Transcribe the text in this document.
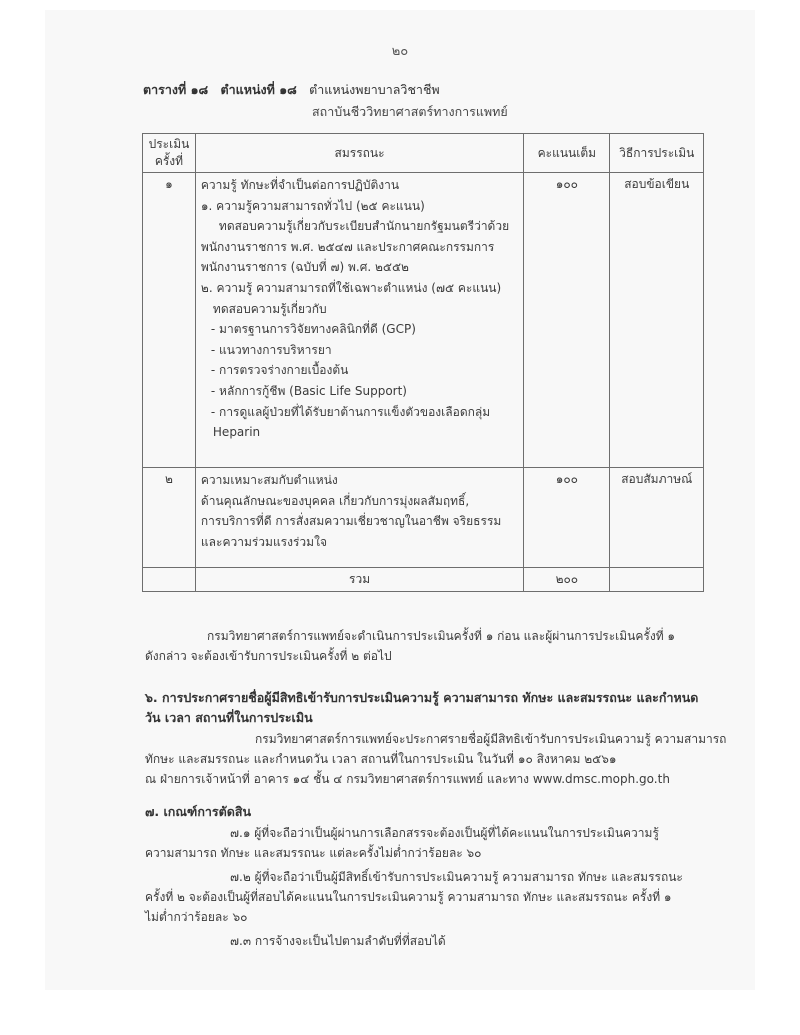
๒๐
ตารางที่ ๑๘ ตำแหน่งที่ ๑๘ ตำแหน่งพยาบาลวิชาชีพ
สถาบันชีววิทยาศาสตร์ทางการแพทย์
ประเมิน
ครั้งที่	สมรรถนะ	คะแนนเต็ม	วิธีการประเมิน
๑	ความรู้ ทักษะที่จำเป็นต่อการปฏิบัติงาน
๑. ความรู้ความสามารถทั่วไป (๒๕ คะแนน)
ทดสอบความรู้เกี่ยวกับระเบียบสำนักนายกรัฐมนตรีว่าด้วย
พนักงานราชการ พ.ศ. ๒๕๔๗ และประกาศคณะกรรมการ
พนักงานราชการ (ฉบับที่ ๗) พ.ศ. ๒๕๕๒
๒. ความรู้ ความสามารถที่ใช้เฉพาะตำแหน่ง (๗๕ คะแนน)
ทดสอบความรู้เกี่ยวกับ
- มาตรฐานการวิจัยทางคลินิกที่ดี (GCP)
- แนวทางการบริหารยา
- การตรวจร่างกายเบื้องต้น
- หลักการกู้ชีพ (Basic Life Support)
- การดูแลผู้ป่วยที่ได้รับยาต้านการแข็งตัวของเลือดกลุ่ม
Heparin
	๑๐๐	สอบข้อเขียน
๒	ความเหมาะสมกับตำแหน่ง
ด้านคุณลักษณะของบุคคล เกี่ยวกับการมุ่งผลสัมฤทธิ์,
การบริการที่ดี การสั่งสมความเชี่ยวชาญในอาชีพ จริยธรรม
และความร่วมแรงร่วมใจ	๑๐๐	สอบสัมภาษณ์
	รวม	๒๐๐	
กรมวิทยาศาสตร์การแพทย์จะดำเนินการประเมินครั้งที่ ๑ ก่อน และผู้ผ่านการประเมินครั้งที่ ๑
ดังกล่าว จะต้องเข้ารับการประเมินครั้งที่ ๒ ต่อไป
๖. การประกาศรายชื่อผู้มีสิทธิเข้ารับการประเมินความรู้ ความสามารถ ทักษะ และสมรรถนะ และกำหนด
วัน เวลา สถานที่ในการประเมิน
กรมวิทยาศาสตร์การแพทย์จะประกาศรายชื่อผู้มีสิทธิเข้ารับการประเมินความรู้ ความสามารถ
ทักษะ และสมรรถนะ และกำหนดวัน เวลา สถานที่ในการประเมิน ในวันที่ ๑๐ สิงหาคม ๒๕๖๑
ณ ฝ่ายการเจ้าหน้าที่ อาคาร ๑๔ ชั้น ๔ กรมวิทยาศาสตร์การแพทย์ และทาง www.dmsc.moph.go.th
๗. เกณฑ์การตัดสิน
๗.๑ ผู้ที่จะถือว่าเป็นผู้ผ่านการเลือกสรรจะต้องเป็นผู้ที่ได้คะแนนในการประเมินความรู้
ความสามารถ ทักษะ และสมรรถนะ แต่ละครั้งไม่ต่ำกว่าร้อยละ ๖๐
๗.๒ ผู้ที่จะถือว่าเป็นผู้มีสิทธิ์เข้ารับการประเมินความรู้ ความสามารถ ทักษะ และสมรรถนะ
ครั้งที่ ๒ จะต้องเป็นผู้ที่สอบได้คะแนนในการประเมินความรู้ ความสามารถ ทักษะ และสมรรถนะ ครั้งที่ ๑
ไม่ต่ำกว่าร้อยละ ๖๐
๗.๓ การจ้างจะเป็นไปตามลำดับที่ที่สอบได้
